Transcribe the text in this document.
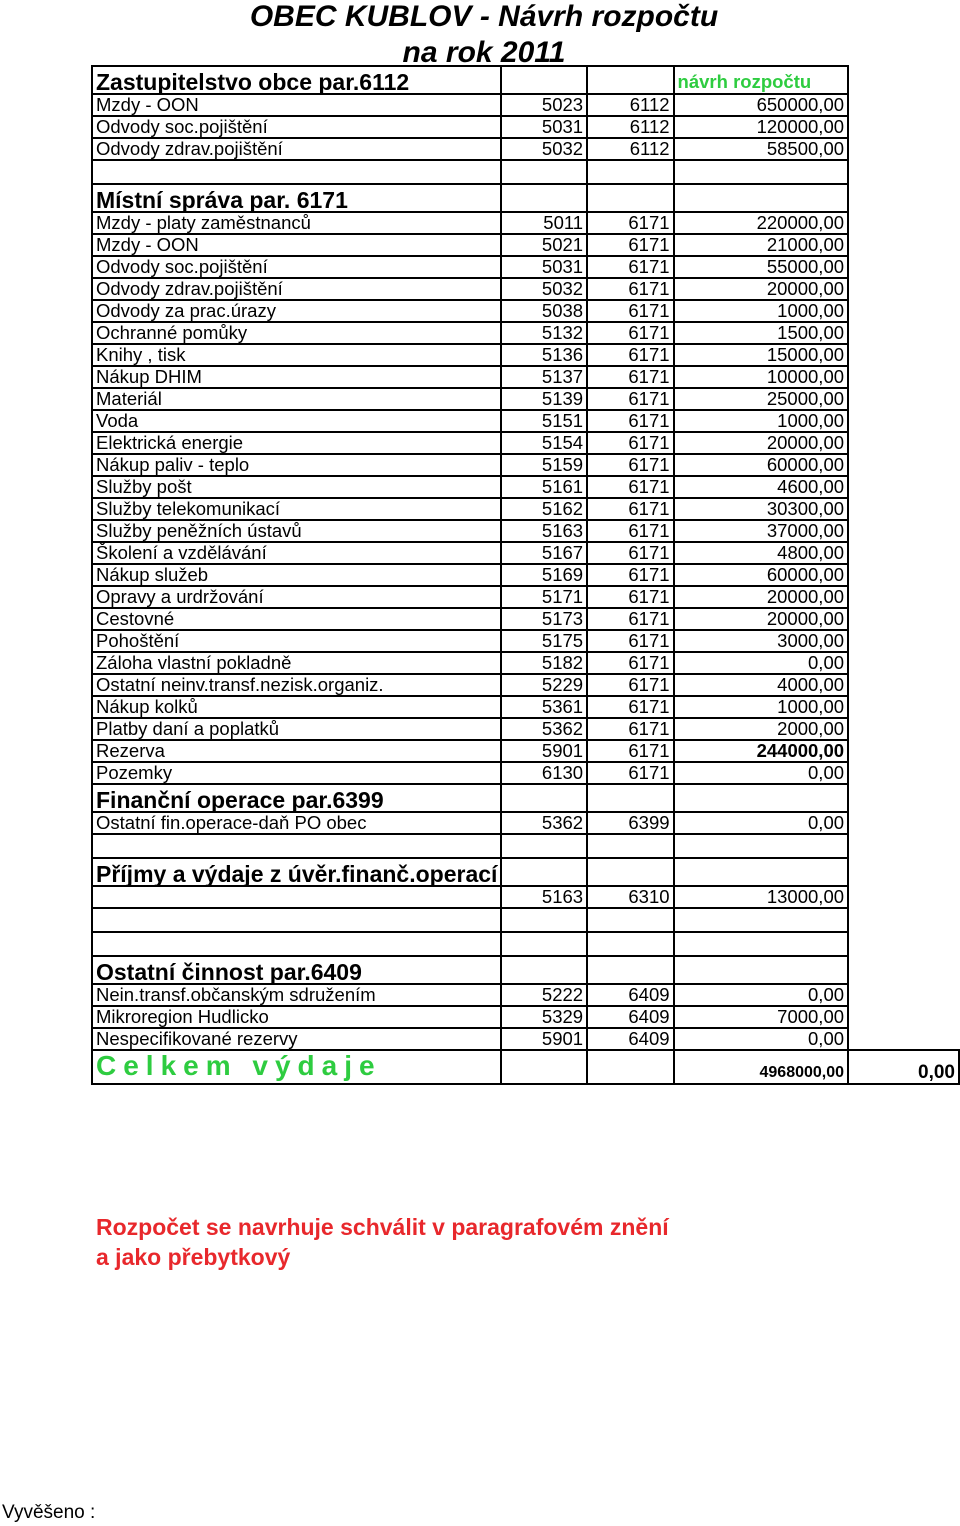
OBEC KUBLOV - Návrh rozpočtu
na rok 2011
Zastupitelstvo obce par.6112			návrh rozpočtu	
Mzdy - OON	5023	6112	650000,00	
Odvody soc.pojištění	5031	6112	120000,00	
Odvody zdrav.pojištění	5032	6112	58500,00	

Místní správa par. 6171				
Mzdy - platy zaměstnanců	5011	6171	220000,00	
Mzdy - OON	5021	6171	21000,00	
Odvody soc.pojištění	5031	6171	55000,00	
Odvody zdrav.pojištění	5032	6171	20000,00	
Odvody za prac.úrazy	5038	6171	1000,00	
Ochranné pomůky	5132	6171	1500,00	
Knihy , tisk	5136	6171	15000,00	
Nákup DHIM	5137	6171	10000,00	
Materiál	5139	6171	25000,00	
Voda	5151	6171	1000,00	
Elektrická energie	5154	6171	20000,00	
Nákup paliv - teplo	5159	6171	60000,00	
Služby pošt	5161	6171	4600,00	
Služby telekomunikací	5162	6171	30300,00	
Služby peněžních ústavů	5163	6171	37000,00	
Školení a vzdělávání	5167	6171	4800,00	
Nákup služeb	5169	6171	60000,00	
Opravy a urdržování	5171	6171	20000,00	
Cestovné	5173	6171	20000,00	
Pohoštění	5175	6171	3000,00	
Záloha vlastní pokladně	5182	6171	0,00	
Ostatní neinv.transf.nezisk.organiz.	5229	6171	4000,00	
Nákup kolků	5361	6171	1000,00	
Platby daní a poplatků	5362	6171	2000,00	
Rezerva	5901	6171	244000,00	
Pozemky	6130	6171	0,00	
Finanční operace par.6399				
Ostatní fin.operace-daň PO obec	5362	6399	0,00	

Příjmy a výdaje z úvěr.finanč.operací				
	5163	6310	13000,00	

Ostatní činnost par.6409				
Nein.transf.občanským sdružením	5222	6409	0,00	
Mikroregion Hudlicko	5329	6409	7000,00	
Nespecifikované rezervy	5901	6409	0,00	
Celkem výdaje			4968000,00	0,00
Rozpočet se navrhuje schválit v paragrafovém znění
a jako přebytkový
Vyvěšeno :
